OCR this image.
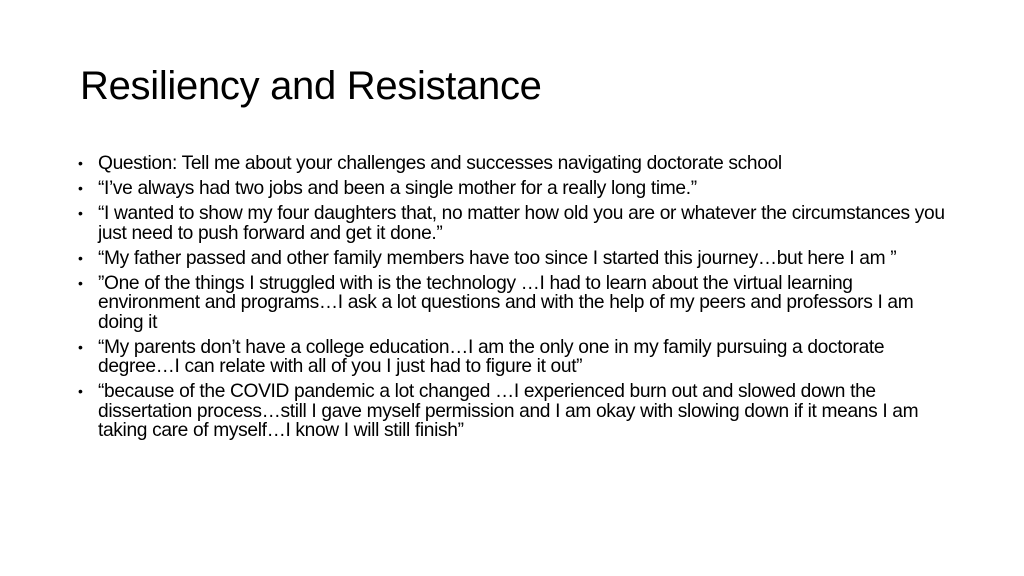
Resiliency and Resistance
• Question: Tell me about your challenges and successes navigating doctorate school
• “I’ve always had two jobs and been a single mother for a really long time.”
• “I wanted to show my four daughters that, no matter how old you are or whatever the circumstances you just need to push forward and get it done.”
• “My father passed and other family members have too since I started this journey…but here I am ”
• ”One of the things I struggled with is the technology …I had to learn about the virtual learning environment and programs…I ask a lot questions and with the help of my peers and professors I am doing it
• “My parents don’t have a college education…I am the only one in my family pursuing a doctorate degree…I can relate with all of you I just had to figure it out”
• “because of the COVID pandemic a lot changed …I experienced burn out and slowed down the dissertation process…still I gave myself permission and I am okay with slowing down if it means I am taking care of myself…I know I will still finish”
